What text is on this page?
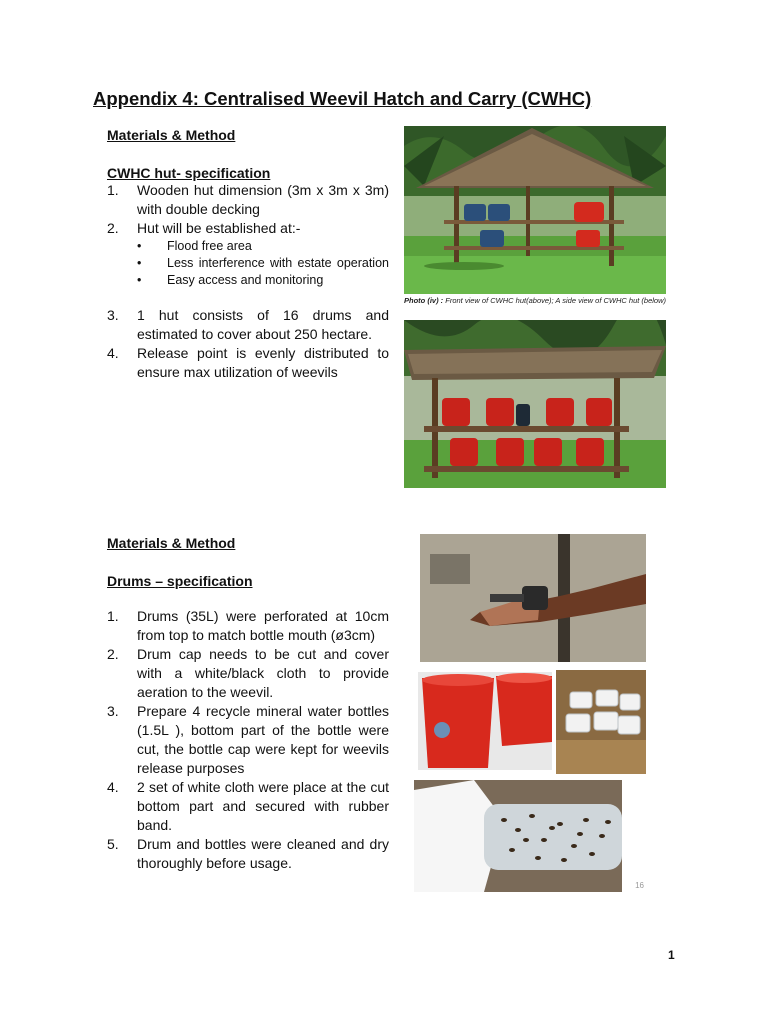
Appendix 4: Centralised Weevil Hatch and Carry (CWHC)
Materials & Method
CWHC hut- specification
1.	Wooden hut dimension (3m x 3m x 3m) with double decking
2.	Hut will be established at:-
•	Flood free area
•	Less interference with estate operation
•	Easy access and monitoring
3.	1 hut consists of 16 drums and estimated to cover about 250 hectare.
4.	Release point is evenly distributed to ensure max utilization of weevils
Photo (iv) : Front view of CWHC hut(above); A side view of CWHC hut (below)
Materials & Method
Drums – specification
1.	Drums (35L) were perforated at 10cm from top to match bottle mouth (ø3cm)
2.	Drum cap needs to be cut and cover with a white/black cloth to provide aeration to the weevil.
3.	Prepare 4 recycle mineral water bottles (1.5L ), bottom part of the bottle were cut, the bottle cap were kept for weevils release purposes
4.	2 set of white cloth were place at the cut bottom part and secured with rubber band.
5.	Drum and bottles were cleaned and dry thoroughly before usage.
16
1
